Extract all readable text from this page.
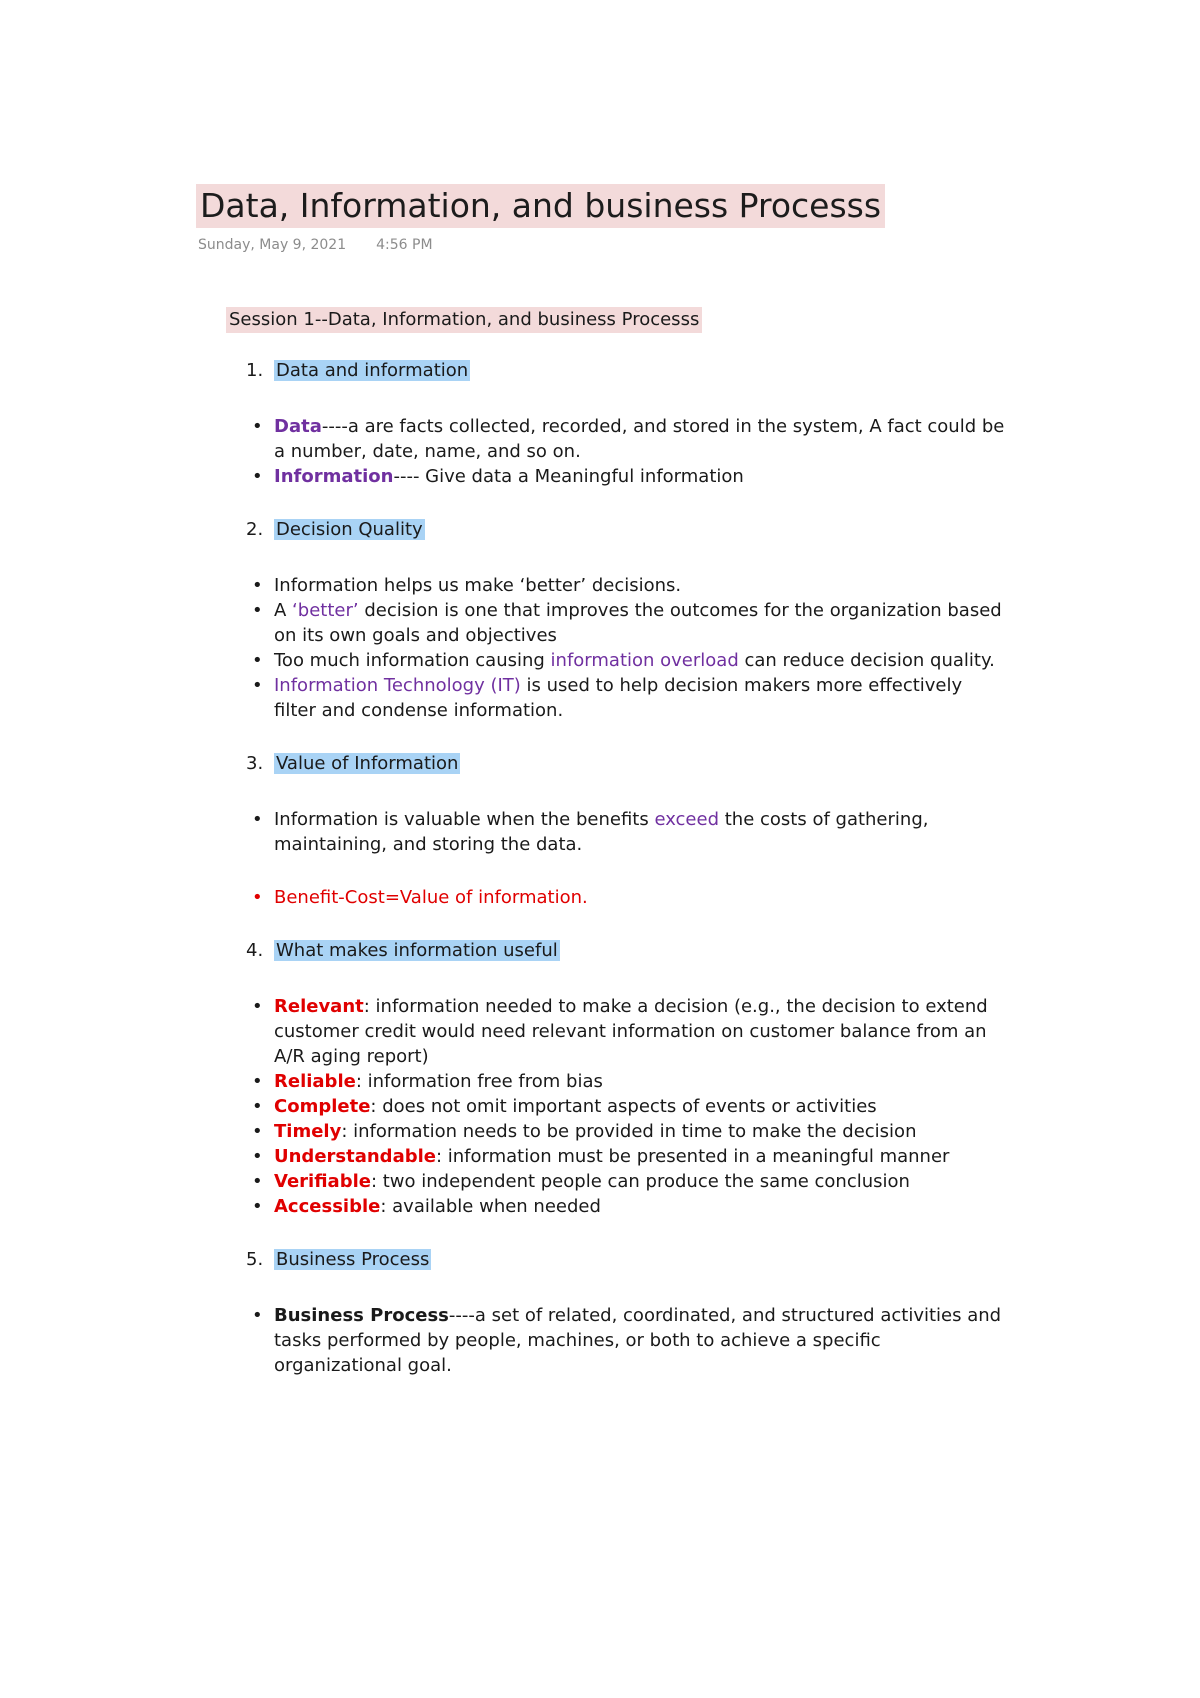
Data, Information, and business Processs
Sunday, May 9, 2021 4:56 PM
Session 1--Data, Information, and business Processs
1. Data and information
• Data----a are facts collected, recorded, and stored in the system, A fact could be a number, date, name, and so on.
• Information---- Give data a Meaningful information
2. Decision Quality
• Information helps us make ‘better’ decisions.
• A ‘better’ decision is one that improves the outcomes for the organization based on its own goals and objectives
• Too much information causing information overload can reduce decision quality.
• Information Technology (IT) is used to help decision makers more effectively filter and condense information.
3. Value of Information
• Information is valuable when the benefits exceed the costs of gathering, maintaining, and storing the data.
• Benefit-Cost=Value of information.
4. What makes information useful
• Relevant: information needed to make a decision (e.g., the decision to extend customer credit would need relevant information on customer balance from an A/R aging report)
• Reliable: information free from bias
• Complete: does not omit important aspects of events or activities
• Timely: information needs to be provided in time to make the decision
• Understandable: information must be presented in a meaningful manner
• Verifiable: two independent people can produce the same conclusion
• Accessible: available when needed
5. Business Process
• Business Process----a set of related, coordinated, and structured activities and tasks performed by people, machines, or both to achieve a specific organizational goal.
